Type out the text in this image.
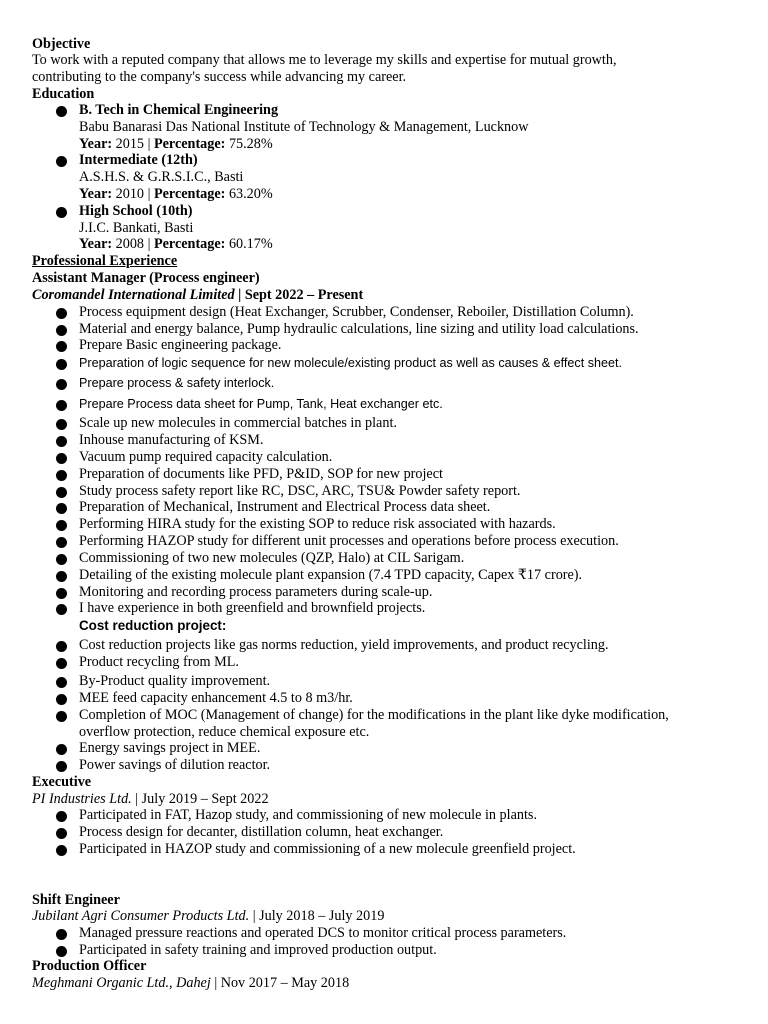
Objective
To work with a reputed company that allows me to leverage my skills and expertise for mutual growth,
contributing to the company's success while advancing my career.
Education
B. Tech in Chemical Engineering
Babu Banarasi Das National Institute of Technology & Management, Lucknow
Year: 2015 | Percentage: 75.28%
Intermediate (12th)
A.S.H.S. & G.R.S.I.C., Basti
Year: 2010 | Percentage: 63.20%
High School (10th)
J.I.C. Bankati, Basti
Year: 2008 | Percentage: 60.17%
Professional Experience
Assistant Manager (Process engineer)
Coromandel International Limited | Sept 2022 – Present
Process equipment design (Heat Exchanger, Scrubber, Condenser, Reboiler, Distillation Column).
Material and energy balance, Pump hydraulic calculations, line sizing and utility load calculations.
Prepare Basic engineering package.
Preparation of logic sequence for new molecule/existing product as well as causes & effect sheet.
Prepare process & safety interlock.
Prepare Process data sheet for Pump, Tank, Heat exchanger etc.
Scale up new molecules in commercial batches in plant.
Inhouse manufacturing of KSM.
Vacuum pump required capacity calculation.
Preparation of documents like PFD, P&ID, SOP for new project
Study process safety report like RC, DSC, ARC, TSU& Powder safety report.
Preparation of Mechanical, Instrument and Electrical Process data sheet.
Performing HIRA study for the existing SOP to reduce risk associated with hazards.
Performing HAZOP study for different unit processes and operations before process execution.
Commissioning of two new molecules (QZP, Halo) at CIL Sarigam.
Detailing of the existing molecule plant expansion (7.4 TPD capacity, Capex ₹17 crore).
Monitoring and recording process parameters during scale-up.
I have experience in both greenfield and brownfield projects.
Cost reduction project:
Cost reduction projects like gas norms reduction, yield improvements, and product recycling.
Product recycling from ML.
By-Product quality improvement.
MEE feed capacity enhancement 4.5 to 8 m3/hr.
Completion of MOC (Management of change) for the modifications in the plant like dyke modification,
overflow protection, reduce chemical exposure etc.
Energy savings project in MEE.
Power savings of dilution reactor.
Executive
PI Industries Ltd. | July 2019 – Sept 2022
Participated in FAT, Hazop study, and commissioning of new molecule in plants.
Process design for decanter, distillation column, heat exchanger.
Participated in HAZOP study and commissioning of a new molecule greenfield project.
Shift Engineer
Jubilant Agri Consumer Products Ltd. | July 2018 – July 2019
Managed pressure reactions and operated DCS to monitor critical process parameters.
Participated in safety training and improved production output.
Production Officer
Meghmani Organic Ltd., Dahej | Nov 2017 – May 2018
